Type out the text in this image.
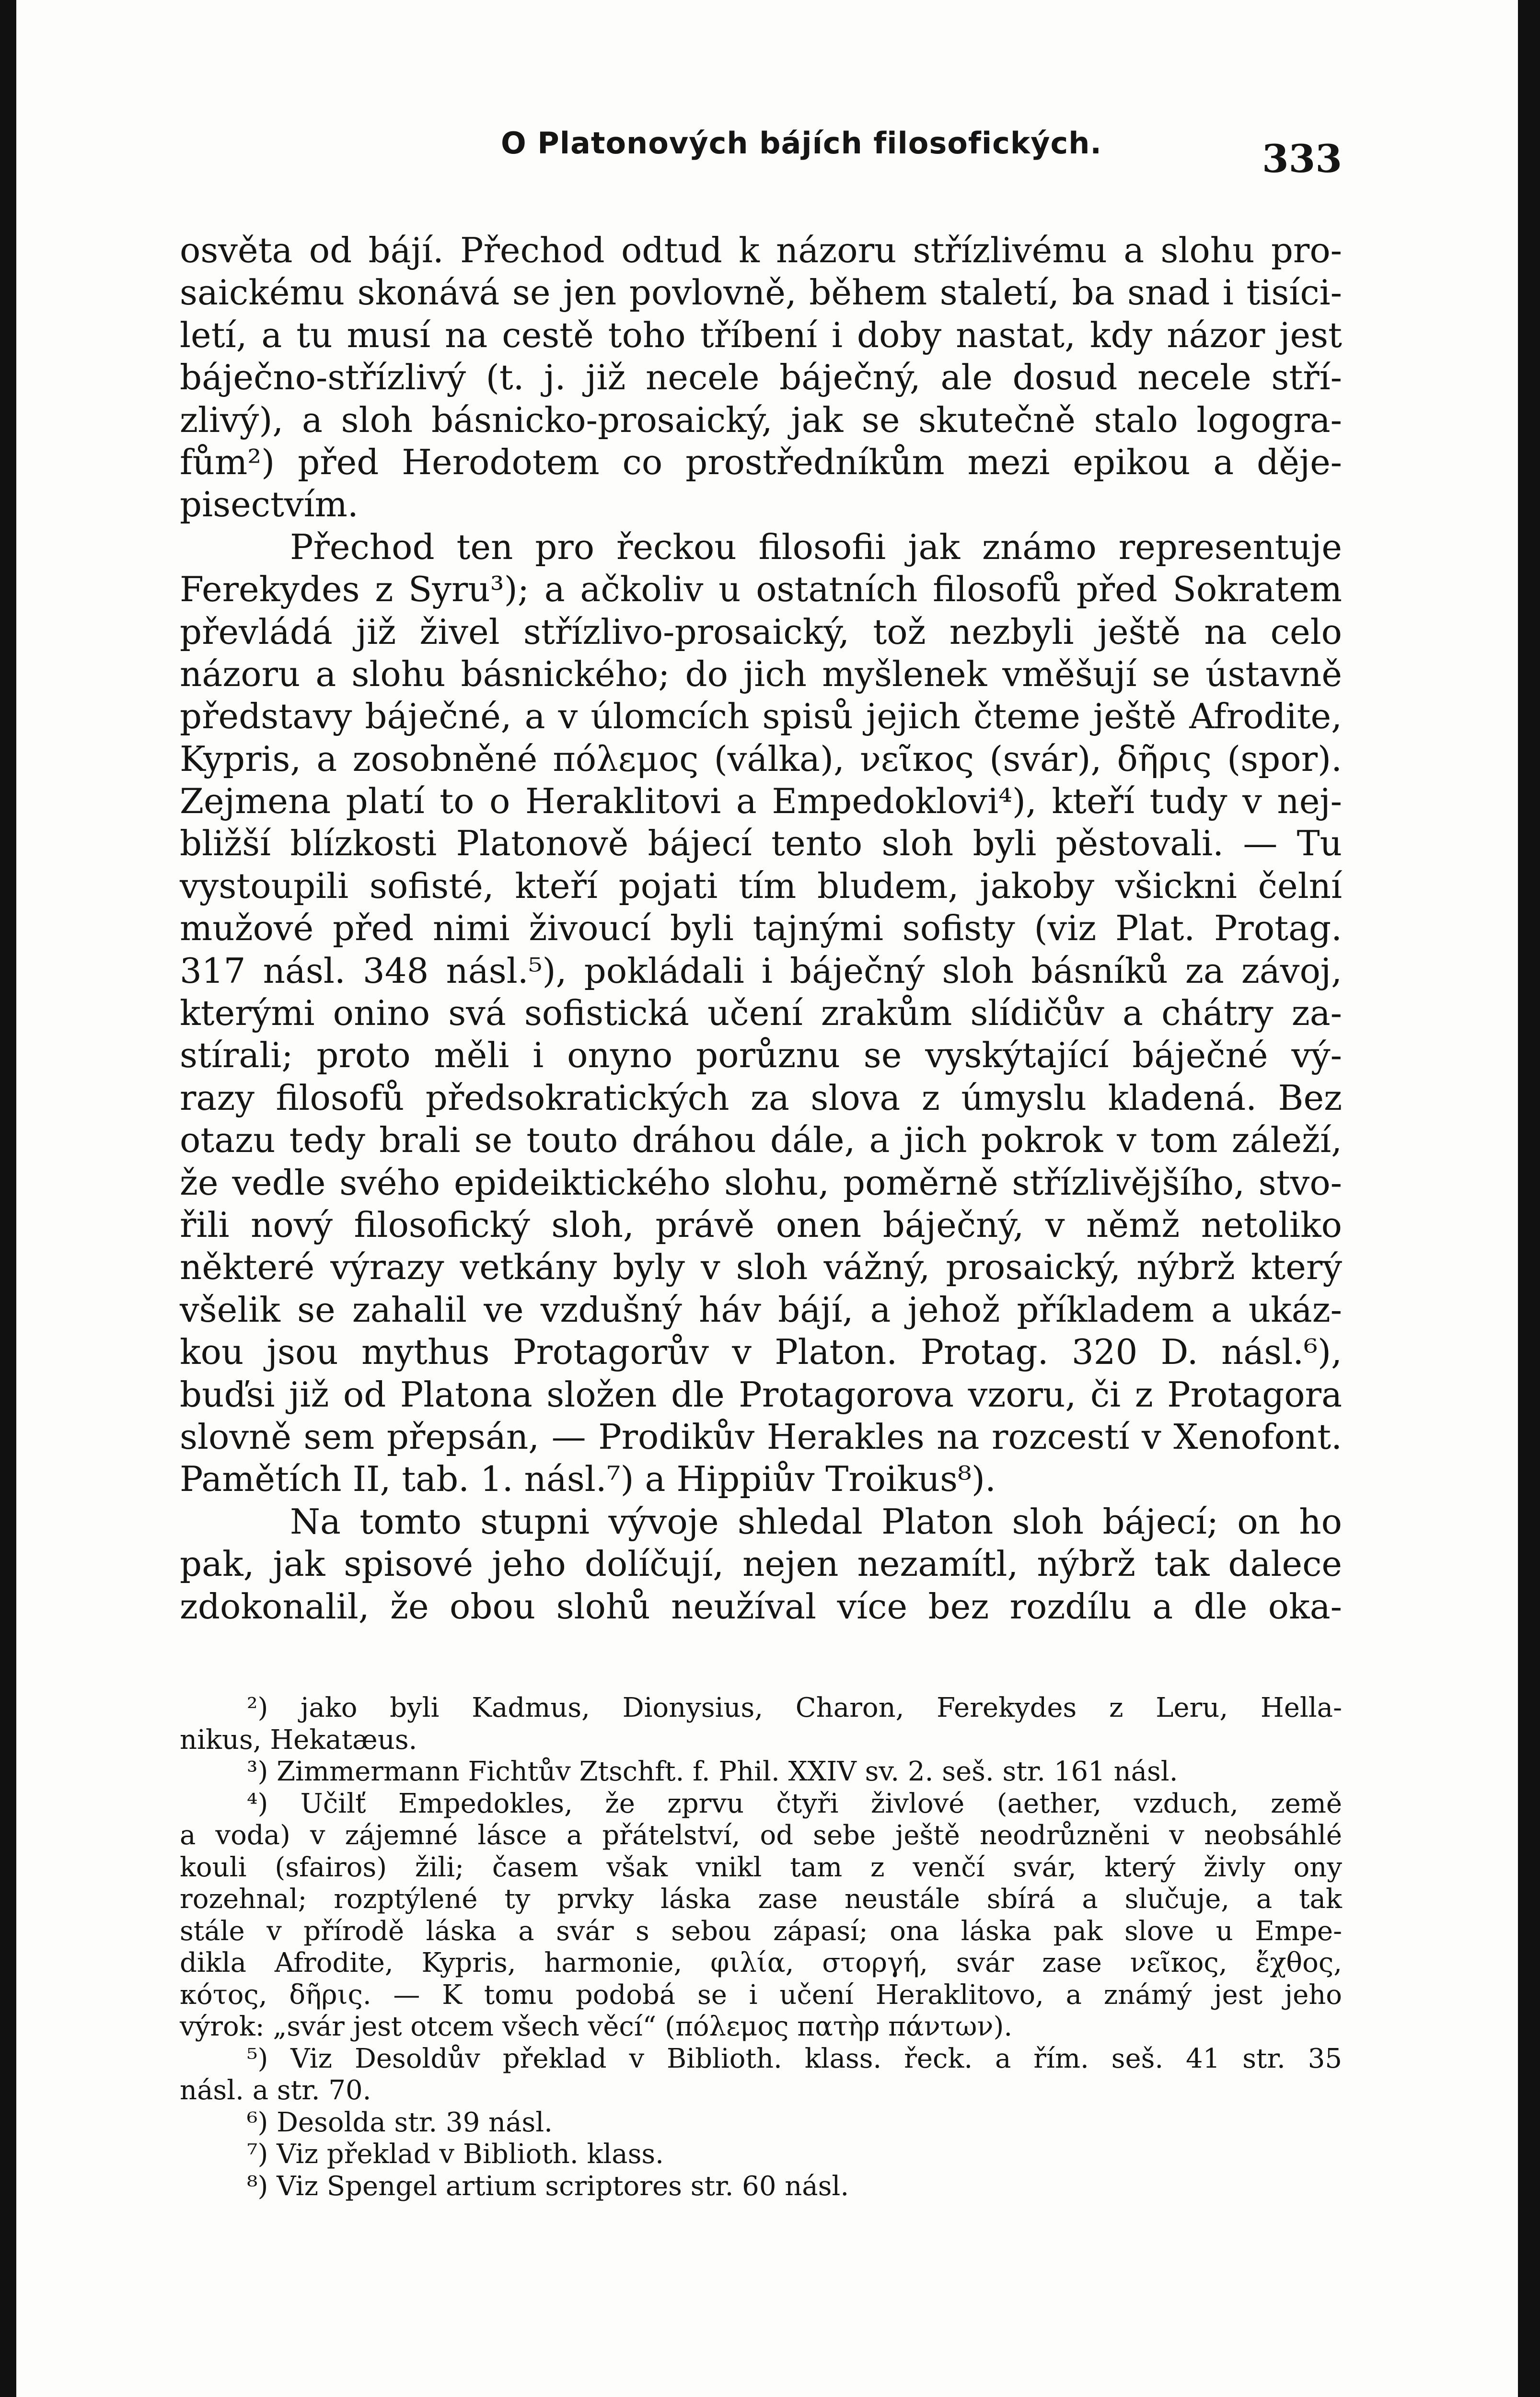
O Platonových bájích filosofických.	333
osvěta od bájí. Přechod odtud k názoru střízlivému a slohu pro-
saickému skonává se jen povlovně, během staletí, ba snad i tisíci-
letí, a tu musí na cestě toho tříbení i doby nastat, kdy názor jest
báječno-střízlivý (t. j. již necele báječný, ale dosud necele stří-
zlivý), a sloh básnicko-prosaický, jak se skutečně stalo logogra-
fům²) před Herodotem co prostředníkům mezi epikou a děje-
pisectvím.
Přechod ten pro řeckou filosofii jak známo representuje
Ferekydes z Syru³); a ačkoliv u ostatních filosofů před Sokratem
převládá již živel střízlivo-prosaický, tož nezbyli ještě na celo
názoru a slohu básnického; do jich myšlenek vměšují se ústavně
představy báječné, a v úlomcích spisů jejich čteme ještě Afrodite,
Kypris, a zosobněné πόλεμος (válka), νεῖκος (svár), δῆρις (spor).
Zejmena platí to o Heraklitovi a Empedoklovi⁴), kteří tudy v nej-
bližší blízkosti Platonově bájecí tento sloh byli pěstovali. — Tu
vystoupili sofisté, kteří pojati tím bludem, jakoby všickni čelní
mužové před nimi živoucí byli tajnými sofisty (viz Plat. Protag.
317 násl. 348 násl.⁵), pokládali i báječný sloh básníků za závoj,
kterými onino svá sofistická učení zrakům slídičův a chátry za-
stírali; proto měli i onyno porůznu se vyskýtající báječné vý-
razy filosofů předsokratických za slova z úmyslu kladená. Bez
otazu tedy brali se touto dráhou dále, a jich pokrok v tom záleží,
že vedle svého epideiktického slohu, poměrně střízlivějšího, stvo-
řili nový filosofický sloh, právě onen báječný, v němž netoliko
některé výrazy vetkány byly v sloh vážný, prosaický, nýbrž který
všelik se zahalil ve vzdušný háv bájí, a jehož příkladem a ukáz-
kou jsou mythus Protagorův v Platon. Protag. 320 D. násl.⁶),
buďsi již od Platona složen dle Protagorova vzoru, či z Protagora
slovně sem přepsán, — Prodikův Herakles na rozcestí v Xenofont.
Pamětích II, tab. 1. násl.⁷) a Hippiův Troikus⁸).
Na tomto stupni vývoje shledal Platon sloh bájecí; on ho
pak, jak spisové jeho dolíčují, nejen nezamítl, nýbrž tak dalece
zdokonalil, že obou slohů neužíval více bez rozdílu a dle oka-
²) jako byli Kadmus, Dionysius, Charon, Ferekydes z Leru, Hella-
nikus, Hekatæus.
³) Zimmermann Fichtův Ztschft. f. Phil. XXIV sv. 2. seš. str. 161 násl.
⁴) Učilť Empedokles, že zprvu čtyři živlové (aether, vzduch, země
a voda) v zájemné lásce a přátelství, od sebe ještě neodrůzněni v neobsáhlé
kouli (sfairos) žili; časem však vnikl tam z venčí svár, který živly ony
rozehnal; rozptýlené ty prvky láska zase neustále sbírá a slučuje, a tak
stále v přírodě láska a svár s sebou zápasí; ona láska pak slove u Empe-
dikla Afrodite, Kypris, harmonie, φιλία, στοργή, svár zase νεῖκος, ἔχθος,
κότος, δῆρις. — K tomu podobá se i učení Heraklitovo, a známý jest jeho
výrok: „svár jest otcem všech věcí“ (πόλεμος πατὴρ πάντων).
⁵) Viz Desoldův překlad v Biblioth. klass. řeck. a řím. seš. 41 str. 35
násl. a str. 70.
⁶) Desolda str. 39 násl.
⁷) Viz překlad v Biblioth. klass.
⁸) Viz Spengel artium scriptores str. 60 násl.
